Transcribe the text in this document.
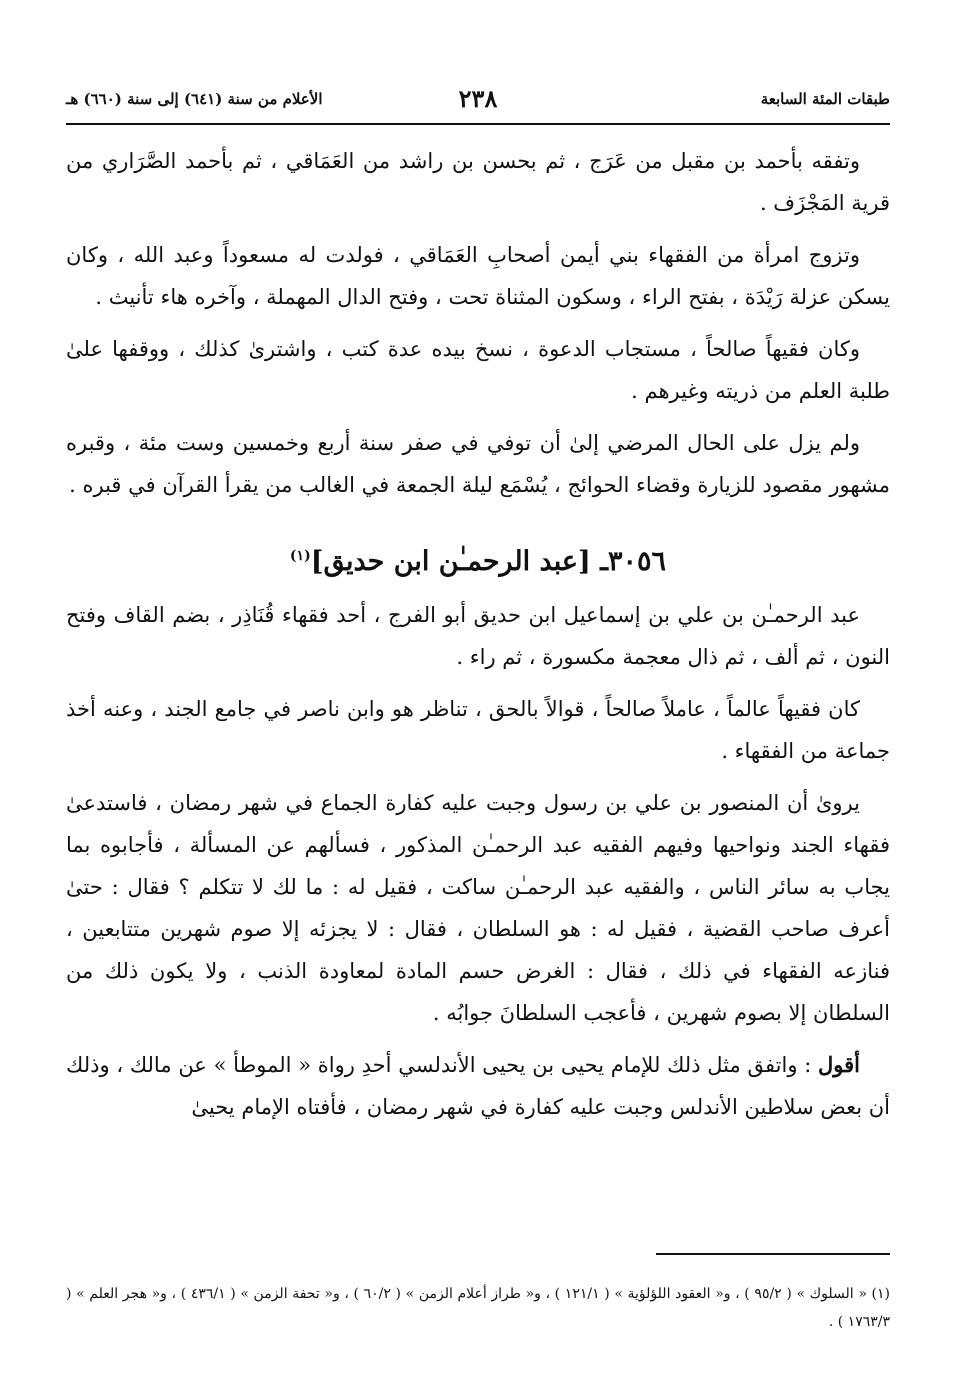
طبقات المئة السابعة
٢٣٨
الأعلام من سنة (٦٤١) إلى سنة (٦٦٠) هـ

وتفقه بأحمد بن مقبل من عَرَج ، ثم بحسن بن راشد من العَمَاقي ، ثم بأحمد الصَّرَاري من قرية المَجْزَف .

وتزوج امرأة من الفقهاء بني أيمن أصحابِ العَمَاقي ، فولدت له مسعوداً وعبد الله ، وكان يسكن عزلة رَيْدَة ، بفتح الراء ، وسكون المثناة تحت ، وفتح الدال المهملة ، وآخره هاء تأنيث .

وكان فقيهاً صالحاً ، مستجاب الدعوة ، نسخ بيده عدة كتب ، واشترىٰ كذلك ، ووقفها علىٰ طلبة العلم من ذريته وغيرهم .

ولم يزل على الحال المرضي إلىٰ أن توفي في صفر سنة أربع وخمسين وست مئة ، وقبره مشهور مقصود للزيارة وقضاء الحوائج ، يُسْمَع ليلة الجمعة في الغالب من يقرأ القرآن في قبره .

٣٠٥٦ـ [عبد الرحمـٰن ابن حديق]$^{(١)}$

عبد الرحمـٰن بن علي بن إسماعيل ابن حديق أبو الفرج ، أحد فقهاء قُنَاذِر ، بضم القاف وفتح النون ، ثم ألف ، ثم ذال معجمة مكسورة ، ثم راء .

كان فقيهاً عالماً ، عاملاً صالحاً ، قوالاً بالحق ، تناظر هو وابن ناصر في جامع الجند ، وعنه أخذ جماعة من الفقهاء .

يروىٰ أن المنصور بن علي بن رسول وجبت عليه كفارة الجماع في شهر رمضان ، فاستدعىٰ فقهاء الجند ونواحيها وفيهم الفقيه عبد الرحمـٰن المذكور ، فسألهم عن المسألة ، فأجابوه بما يجاب به سائر الناس ، والفقيه عبد الرحمـٰن ساكت ، فقيل له : ما لك لا تتكلم ؟ فقال : حتىٰ أعرف صاحب القضية ، فقيل له : هو السلطان ، فقال : لا يجزئه إلا صوم شهرين متتابعين ، فنازعه الفقهاء في ذلك ، فقال : الغرض حسم المادة لمعاودة الذنب ، ولا يكون ذلك من السلطان إلا بصوم شهرين ، فأعجب السلطانَ جوابُه .

أقول : واتفق مثل ذلك للإمام يحيى بن يحيى الأندلسي أحدِ رواة « الموطأ » عن مالك ، وذلك أن بعض سلاطين الأندلس وجبت عليه كفارة في شهر رمضان ، فأفتاه الإمام يحيىٰ

(١) « السلوك » ( ٩٥/٢ ) ، و« العقود اللؤلؤية » ( ١٢١/١ ) ، و« طراز أعلام الزمن » ( ٦٠/٢ ) ، و« تحفة الزمن » ( ٤٣٦/١ ) ، و« هجر العلم » ( ١٧٦٣/٣ ) .
